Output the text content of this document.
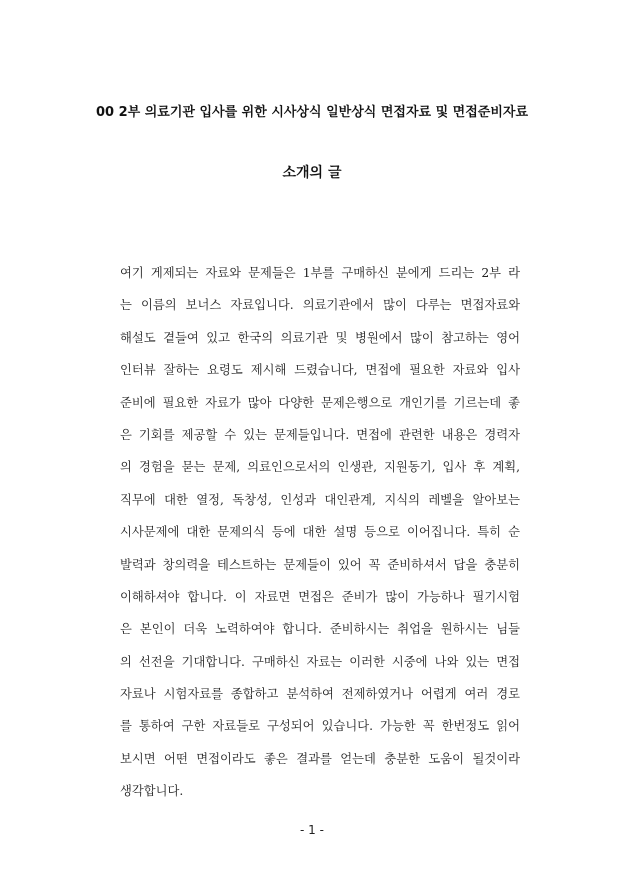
00 2부 의료기관 입사를 위한 시사상식 일반상식 면접자료 및 면접준비자료
소개의 글
여기 게제되는 자료와 문제들은 1부를 구매하신 분에게 드리는 2부 라
는 이름의 보너스 자료입니다. 의료기관에서 많이 다루는 면접자료와
해설도 곁들여 있고 한국의 의료기관 및 병원에서 많이 참고하는 영어
인터뷰 잘하는 요령도 제시해 드렸습니다, 면접에 필요한 자료와 입사
준비에 필요한 자료가 많아 다양한 문제은행으로 개인기를 기르는데 좋
은 기회를 제공할 수 있는 문제들입니다. 면접에 관련한 내용은 경력자
의 경험을 묻는 문제, 의료인으로서의 인생관, 지원동기, 입사 후 계획,
직무에 대한 열정, 독창성, 인성과 대인관계, 지식의 레벨을 알아보는
시사문제에 대한 문제의식 등에 대한 설명 등으로 이어집니다. 특히 순
발력과 창의력을 테스트하는 문제들이 있어 꼭 준비하셔서 답을 충분히
이해하셔야 합니다. 이 자료면 면접은 준비가 많이 가능하나 필기시험
은 본인이 더욱 노력하여야 합니다. 준비하시는 취업을 원하시는 님들
의 선전을 기대합니다. 구매하신 자료는 이러한 시중에 나와 있는 면접
자료나 시험자료를 종합하고 분석하여 전제하였거나 어렵게 여러 경로
를 통하여 구한 자료들로 구성되어 있습니다. 가능한 꼭 한번정도 읽어
보시면 어떤 면접이라도 좋은 결과를 얻는데 충분한 도움이 될것이라
생각합니다.
- 1 -
